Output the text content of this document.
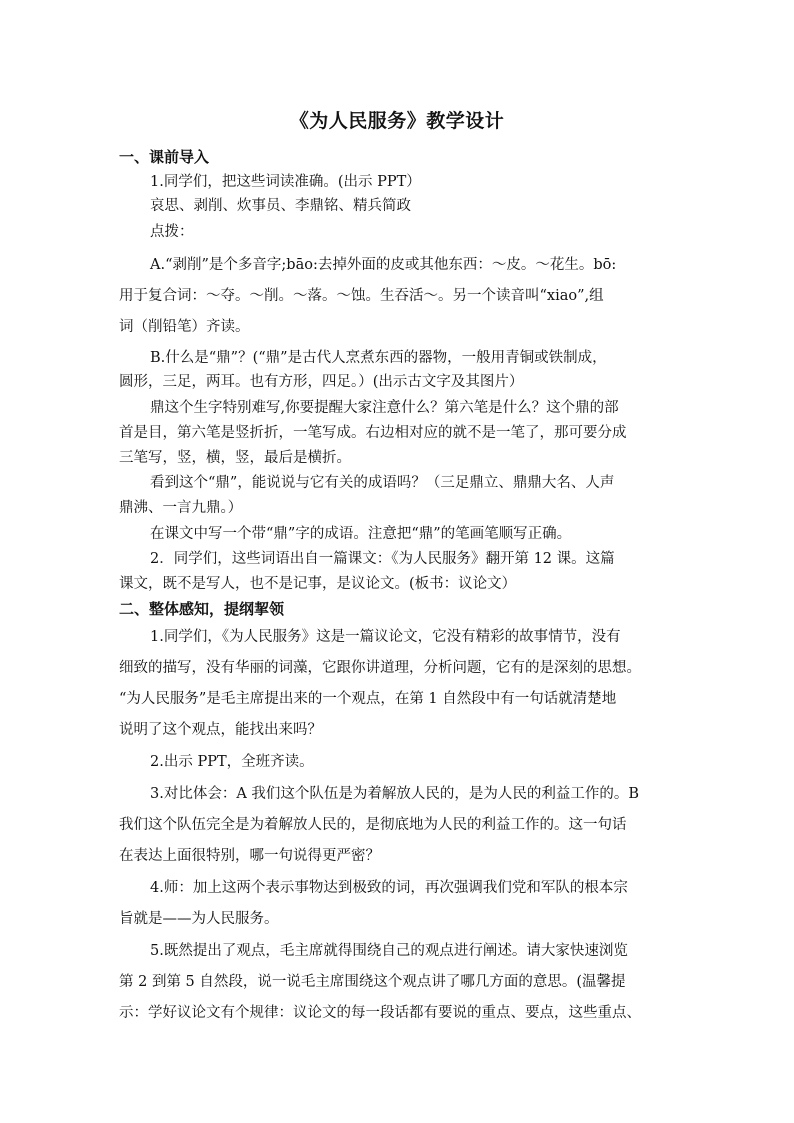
《为人民服务》教学设计
一、课前导入
1.同学们，把这些词读准确。(出示 PPT）
哀思、剥削、炊事员、李鼎铭、精兵简政
点拨：
A.“剥削”是个多音字;bāo:去掉外面的皮或其他东西：～皮。～花生。bō:
用于复合词：～夺。～削。～落。～蚀。生吞活～。另一个读音叫“xiao”,组
词（削铅笔）齐读。
B.什么是“鼎”？(“鼎”是古代人烹煮东西的器物，一般用青铜或铁制成，
圆形，三足，两耳。也有方形，四足。）(出示古文字及其图片）
鼎这个生字特别难写,你要提醒大家注意什么？第六笔是什么？这个鼎的部
首是目，第六笔是竖折折，一笔写成。右边相对应的就不是一笔了，那可要分成
三笔写，竖，横，竖，最后是横折。
看到这个“鼎”，能说说与它有关的成语吗？（三足鼎立、鼎鼎大名、人声
鼎沸、一言九鼎。）
在课文中写一个带“鼎”字的成语。注意把“鼎”的笔画笔顺写正确。
2．同学们，这些词语出自一篇课文：《为人民服务》翻开第 12 课。这篇
课文，既不是写人，也不是记事，是议论文。(板书：议论文）
二、整体感知，提纲挈领
1.同学们，《为人民服务》这是一篇议论文，它没有精彩的故事情节，没有
细致的描写，没有华丽的词藻，它跟你讲道理，分析问题，它有的是深刻的思想。
“为人民服务”是毛主席提出来的一个观点，在第 1 自然段中有一句话就清楚地
说明了这个观点，能找出来吗？
2.出示 PPT，全班齐读。
3.对比体会：A 我们这个队伍是为着解放人民的，是为人民的利益工作的。B
我们这个队伍完全是为着解放人民的，是彻底地为人民的利益工作的。这一句话
在表达上面很特别，哪一句说得更严密？
4.师：加上这两个表示事物达到极致的词，再次强调我们党和军队的根本宗
旨就是——为人民服务。
5.既然提出了观点，毛主席就得围绕自己的观点进行阐述。请大家快速浏览
第 2 到第 5 自然段，说一说毛主席围绕这个观点讲了哪几方面的意思。(温馨提
示：学好议论文有个规律：议论文的每一段话都有要说的重点、要点，这些重点、
